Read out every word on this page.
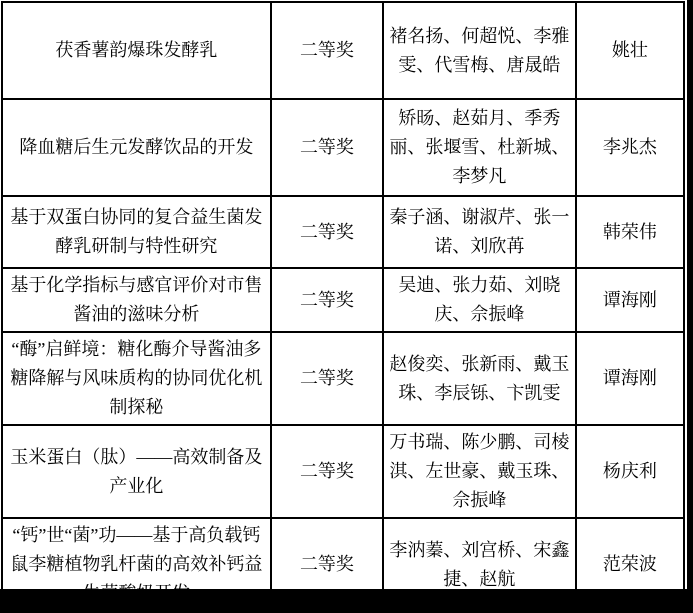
茯香薯韵爆珠发酵乳	二等奖	褚名扬、何超悦、李雅雯、代雪梅、唐晟皓	姚壮
降血糖后生元发酵饮品的开发	二等奖	矫旸、赵茹月、季秀丽、张堰雪、杜新城、 李梦凡	李兆杰
基于双蛋白协同的复合益生菌发酵乳研制与特性研究	二等奖	秦子涵、谢淑芹、张一诺、刘欣苒	韩荣伟
基于化学指标与感官评价对市售酱油的滋味分析	二等奖	吴迪、张力茹、刘晓庆、佘振峰	谭海刚
“酶”启鲜境：糖化酶介导酱油多糖降解与风味质构的协同优化机制探秘	二等奖	赵俊奕、张新雨、戴玉珠、李辰铄、卞凯雯	谭海刚
玉米蛋白（肽）——高效制备及产业化	二等奖	万书瑞、陈少鹏、司棱淇、左世豪、戴玉珠、佘振峰	杨庆利
“钙”世“菌”功——基于高负载钙鼠李糖植物乳杆菌的高效补钙益生菌酸奶开发	二等奖	李汭蓁、刘宫桥、宋鑫捷、赵航	范荣波
